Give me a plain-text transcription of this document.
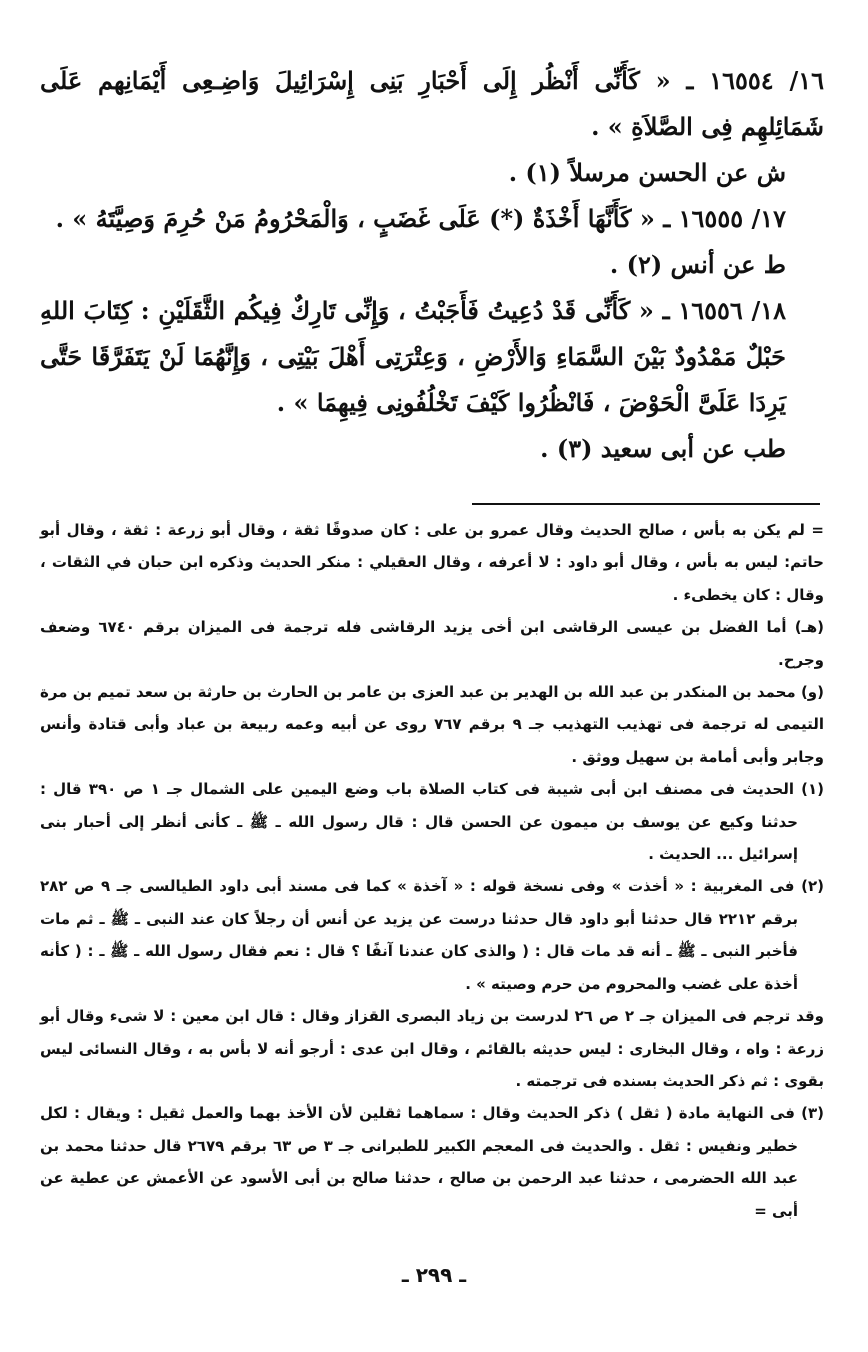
١٦/ ١٦٥٥٤ ـ « كَأَنِّى أَنْظُر إِلَى أَحْبَارِ بَنِى إِسْرَائِيلَ وَاضِـعِى أَيْمَانِهم عَلَى شَمَائِلهِم فِى الصَّلاَةِ » .

ش عن الحسن مرسلاً (١) .

١٧/ ١٦٥٥٥ ـ « كَأَنَّهَا أَخْذَةٌ (*) عَلَى غَضَبٍ ، وَالْمَحْرُومُ مَنْ حُرِمَ وَصِيَّتَهُ » .

ط عن أنس (٢) .

١٨/ ١٦٥٥٦ ـ « كَأَنِّى قَدْ دُعِيتُ فَأَجَبْتُ ، وَإِنِّى تَارِكٌ فِيكُم الثَّقَلَيْنِ : كِتَابَ اللهِ حَبْلٌ مَمْدُودٌ بَيْنَ السَّمَاءِ وَالأَرْضِ ، وَعِتْرَتِى أَهْلَ بَيْتِى ، وَإِنَّهُمَا لَنْ يَتَفَرَّقَا حَتَّى يَرِدَا عَلَىَّ الْحَوْضَ ، فَانْظُرُوا كَيْفَ تَخْلُفُونِى فِيهِمَا » .

طب عن أبى سعيد (٣) .

= لم يكن به بأس ، صالح الحديث وقال عمرو بن على : كان صدوقًا ثقة ، وقال أبو زرعة : ثقة ، وقال أبو حاتم: ليس به بأس ، وقال أبو داود : لا أعرفه ، وقال العقيلي : منكر الحديث وذكره ابن حبان في الثقات ، وقال : كان يخطىء .

(هـ) أما الفضل بن عيسى الرقاشى ابن أخى يزيد الرقاشى فله ترجمة فى الميزان برقم ٦٧٤٠ وضعف وجرح.

(و) محمد بن المنكدر بن عبد الله بن الهدير بن عبد العزى بن عامر بن الحارث بن حارثة بن سعد تميم بن مرة التيمى له ترجمة فى تهذيب التهذيب جـ ٩ برقم ٧٦٧ روى عن أبيه وعمه ربيعة بن عباد وأبى قتادة وأنس وجابر وأبى أمامة بن سهيل ووثق .

(١) الحديث فى مصنف ابن أبى شيبة فى كتاب الصلاة باب وضع اليمين على الشمال جـ ١ ص ٣٩٠ قال : حدثنا وكيع عن يوسف بن ميمون عن الحسن قال : قال رسول الله ـ ﷺ ـ كأنى أنظر إلى أحبار بنى إسرائيل ... الحديث .

(٢) فى المغربية : « أخذت » وفى نسخة قوله : « آخذة » كما فى مسند أبى داود الطيالسى جـ ٩ ص ٢٨٢ برقم ٢٢١٢ قال حدثنا أبو داود قال حدثنا درست عن يزيد عن أنس أن رجلاً كان عند النبى ـ ﷺ ـ ثم مات فأخبر النبى ـ ﷺ ـ أنه قد مات قال : ( والذى كان عندنا آنفًا ؟ قال : نعم فقال رسول الله ـ ﷺ ـ : ( كأنه أخذة على غضب والمحروم من حرم وصيته » .

وقد ترجم فى الميزان جـ ٢ ص ٢٦ لدرست بن زياد البصرى القزاز وقال : قال ابن معين : لا شىء وقال أبو زرعة : واه ، وقال البخارى : ليس حديثه بالقائم ، وقال ابن عدى : أرجو أنه لا بأس به ، وقال النسائى ليس بقوى : ثم ذكر الحديث بسنده فى ترجمته .

(٣) فى النهاية مادة ( ثقل ) ذكر الحديث وقال : سماهما ثقلين لأن الأخذ بهما والعمل ثقيل : ويقال : لكل خطير ونفيس : ثقل . والحديث فى المعجم الكبير للطبرانى جـ ٣ ص ٦٣ برقم ٢٦٧٩ قال حدثنا محمد بن عبد الله الحضرمى ، حدثنا عبد الرحمن بن صالح ، حدثنا صالح بن أبى الأسود عن الأعمش عن عطية عن أبى =

ـ ٢٩٩ ـ
